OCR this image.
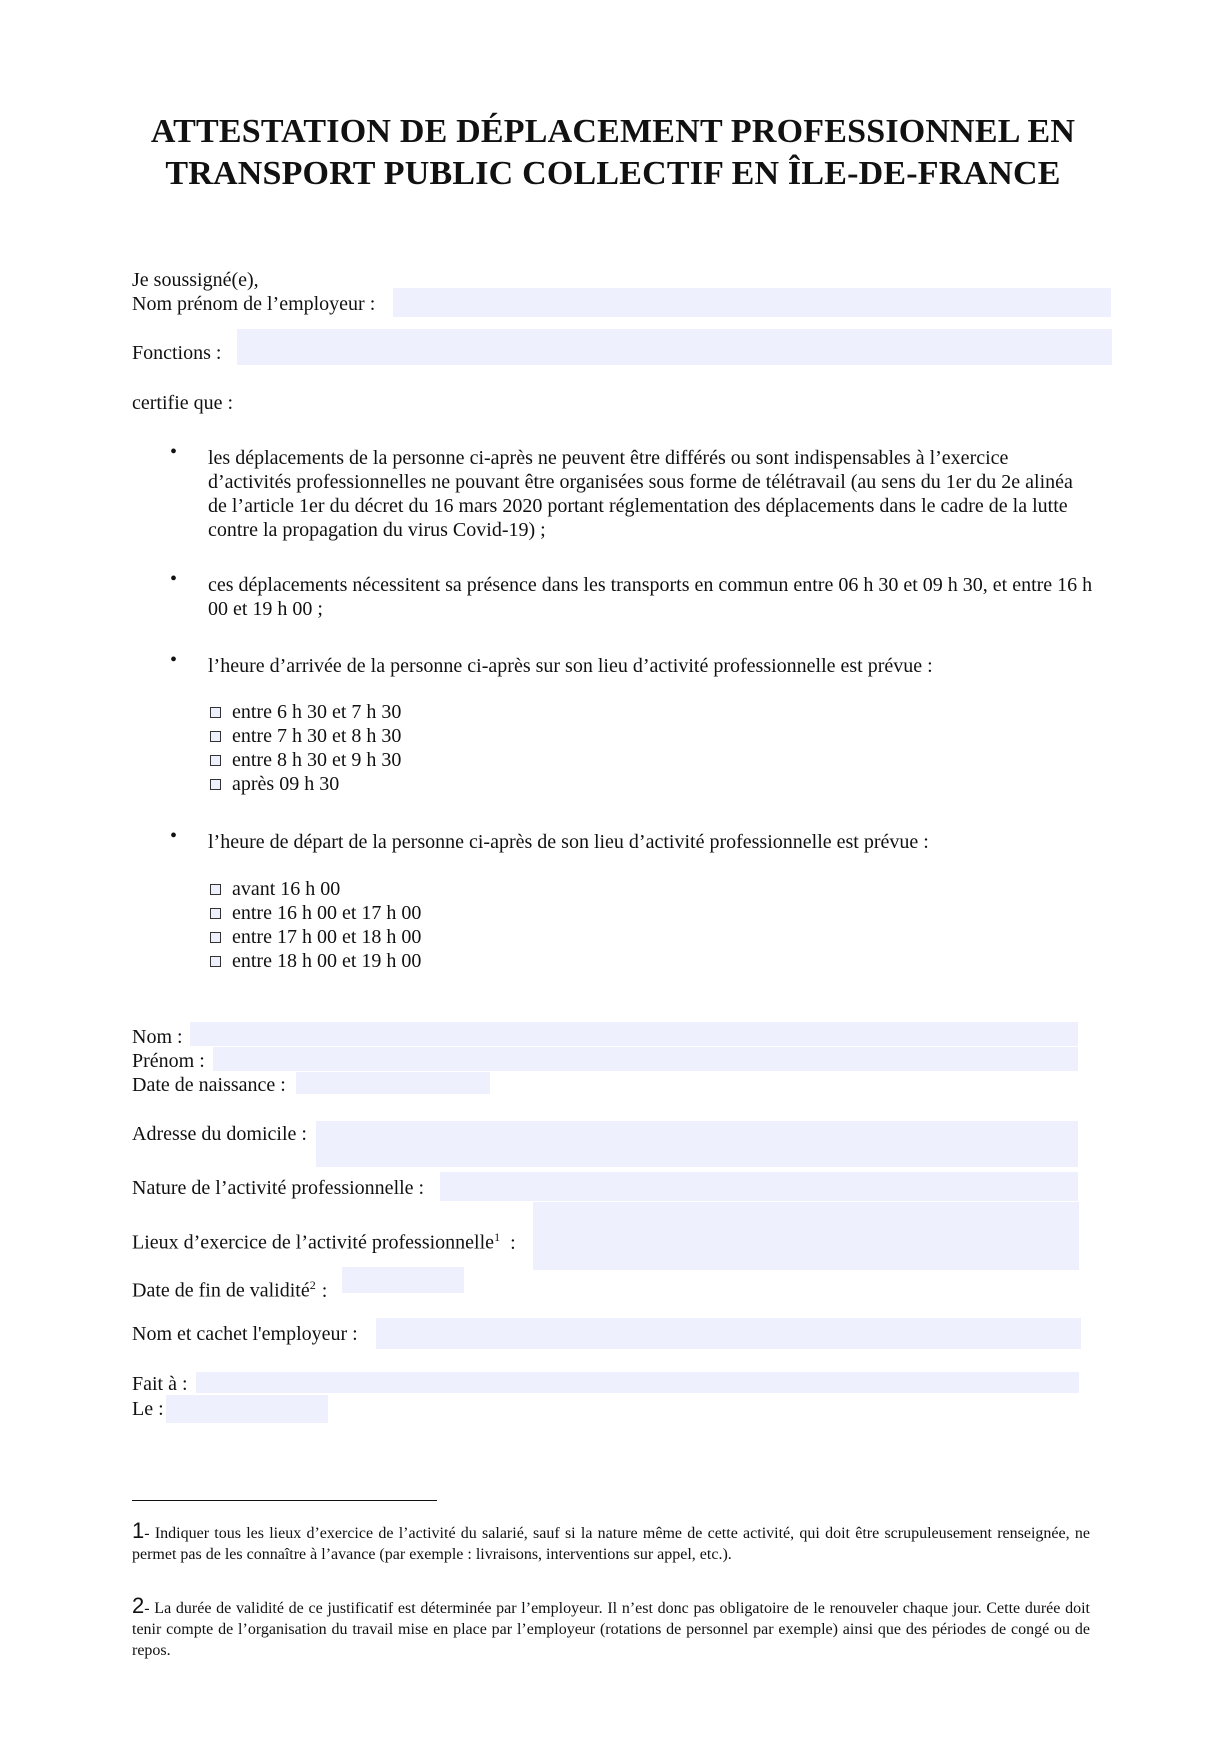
ATTESTATION DE DÉPLACEMENT PROFESSIONNEL EN
TRANSPORT PUBLIC COLLECTIF EN ÎLE-DE-FRANCE
Je soussigné(e),
Nom prénom de l’employeur :
Fonctions :
certifie que :
• les déplacements de la personne ci-après ne peuvent être différés ou sont indispensables à l’exercice d’activités professionnelles ne pouvant être organisées sous forme de télétravail (au sens du 1er du 2e alinéa de l’article 1er du décret du 16 mars 2020 portant réglementation des déplacements dans le cadre de la lutte contre la propagation du virus Covid-19) ;
• ces déplacements nécessitent sa présence dans les transports en commun entre 06 h 30 et 09 h 30, et entre 16 h 00 et 19 h 00 ;
• l’heure d’arrivée de la personne ci-après sur son lieu d’activité professionnelle est prévue :
entre 6 h 30 et 7 h 30
entre 7 h 30 et 8 h 30
entre 8 h 30 et 9 h 30
après 09 h 30
• l’heure de départ de la personne ci-après de son lieu d’activité professionnelle est prévue :
avant 16 h 00
entre 16 h 00 et 17 h 00
entre 17 h 00 et 18 h 00
entre 18 h 00 et 19 h 00
Nom :
Prénom :
Date de naissance :
Adresse du domicile :
Nature de l’activité professionnelle :
Lieux d’exercice de l’activité professionnelle$^1$ :
Date de fin de validité$^2$ :
Nom et cachet l'employeur :
Fait à :
Le :
1- Indiquer tous les lieux d’exercice de l’activité du salarié, sauf si la nature même de cette activité, qui doit être scrupuleusement renseignée, ne permet pas de les connaître à l’avance (par exemple : livraisons, interventions sur appel, etc.).
2- La durée de validité de ce justificatif est déterminée par l’employeur. Il n’est donc pas obligatoire de le renouveler chaque jour. Cette durée doit tenir compte de l’organisation du travail mise en place par l’employeur (rotations de personnel par exemple) ainsi que des périodes de congé ou de repos.
